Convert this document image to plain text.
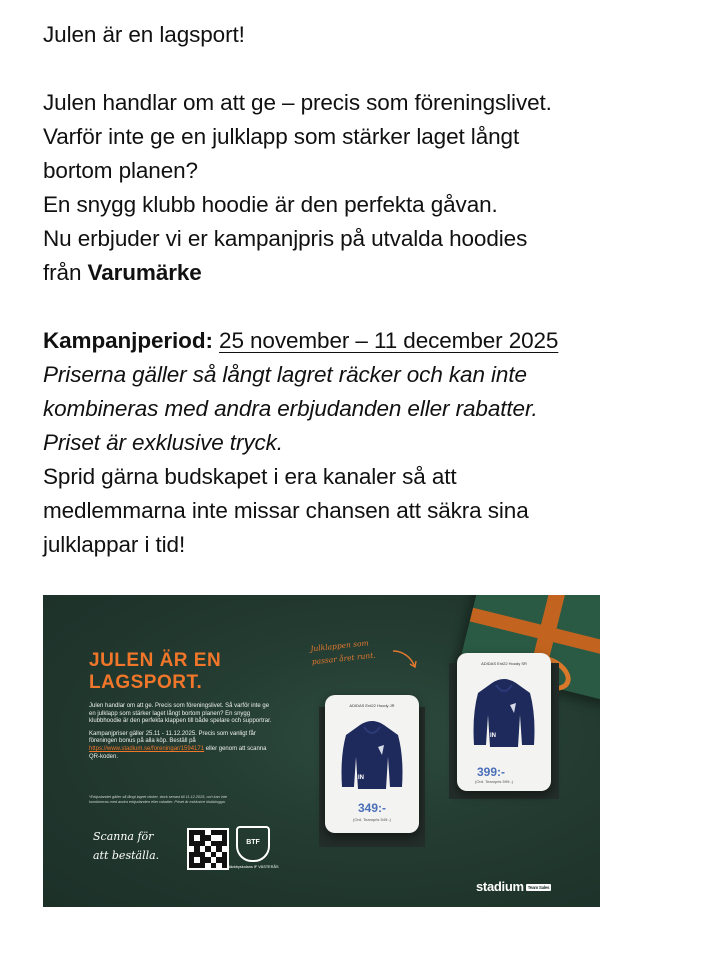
Julen är en lagsport!

Julen handlar om att ge – precis som föreningslivet.

Varför inte ge en julklapp som stärker laget långt

bortom planen?

En snygg klubb hoodie är den perfekta gåvan.

Nu erbjuder vi er kampanjpris på utvalda hoodies

från Varumärke

Kampanjperiod: 25 november – 11 december 2025

Priserna gäller så långt lagret räcker och kan inte

kombineras med andra erbjudanden eller rabatter.

Priset är exklusive tryck.

Sprid gärna budskapet i era kanaler så att

medlemmarna inte missar chansen att säkra sina

julklappar i tid!

JULEN ÄR EN
LAGSPORT.

Julen handlar om att ge. Precis som föreningslivet. Så varför inte ge en julklapp som stärker laget långt bortom planen? En snygg klubbhoodie är den perfekta klappen till både spelare och supportrar.

Kampanjpriser gäller 25.11 - 11.12.2025. Precis som vanligt får föreningen bonus på alla köp. Beställ på https://www.stadium.se/foreningar/1594171 eller genom att scanna QR-koden.

*Erbjudandet gäller så långt lagret räcker, dock senast till 11.12.2025, och kan inte kombineras med andra erbjudanden eller rabatter. Priset är exklusive klubblogga.
Scanna för
att beställa.
BTF
Bäckbyskolans IF VÄSTERÅS
Julklappen som
passar året runt.
ADIDAS Ent22 Hoody JR
IN
349:-
(Ord. Teampris 549:-)
ADIDAS Ent22 Hoody SR
IN
399:-
(Ord. Teampris 599:-)
stadium Team Sales
